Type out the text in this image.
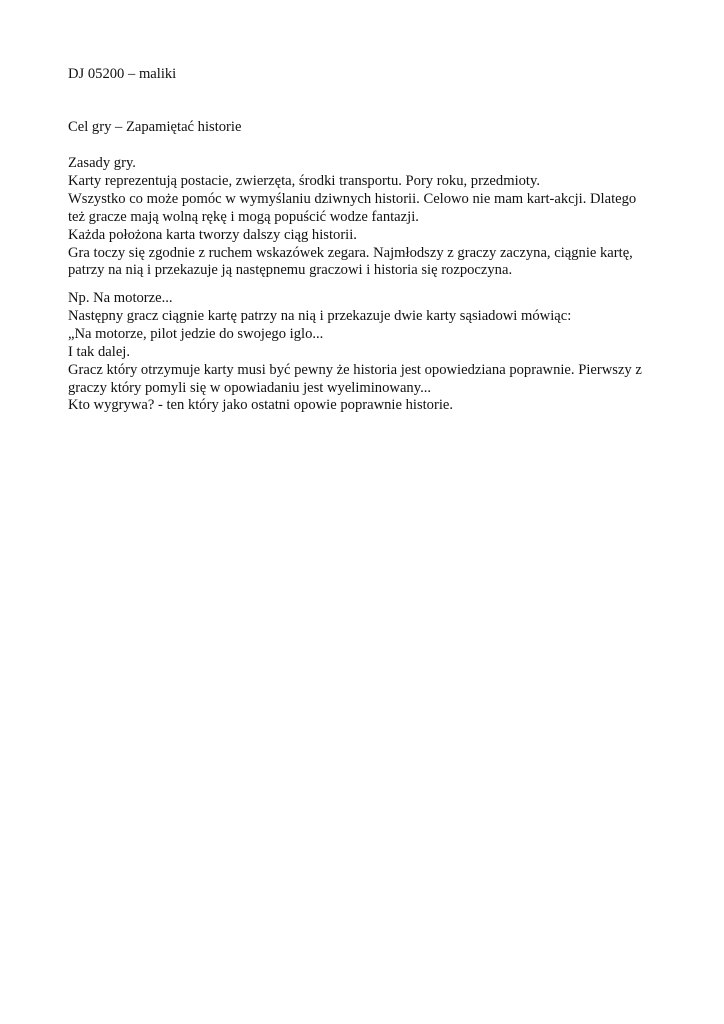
DJ 05200 – maliki
Cel gry – Zapamiętać historie
Zasady gry.
Karty reprezentują postacie, zwierzęta, środki transportu. Pory roku, przedmioty.
Wszystko co może pomóc w wymyślaniu dziwnych historii. Celowo nie mam kart-akcji. Dlatego
też gracze mają wolną rękę i mogą popuścić wodze fantazji.
Każda położona karta tworzy dalszy ciąg historii.
Gra toczy się zgodnie z ruchem wskazówek zegara. Najmłodszy z graczy zaczyna, ciągnie kartę,
patrzy na nią i przekazuje ją następnemu graczowi i historia się rozpoczyna.
Np. Na motorze...
Następny gracz ciągnie kartę patrzy na nią i przekazuje dwie karty sąsiadowi mówiąc:
„Na motorze, pilot jedzie do swojego iglo...
I tak dalej.
Gracz który otrzymuje karty musi być pewny że historia jest opowiedziana poprawnie. Pierwszy z
graczy który pomyli się w opowiadaniu jest wyeliminowany...
Kto wygrywa? - ten który jako ostatni opowie poprawnie historie.
